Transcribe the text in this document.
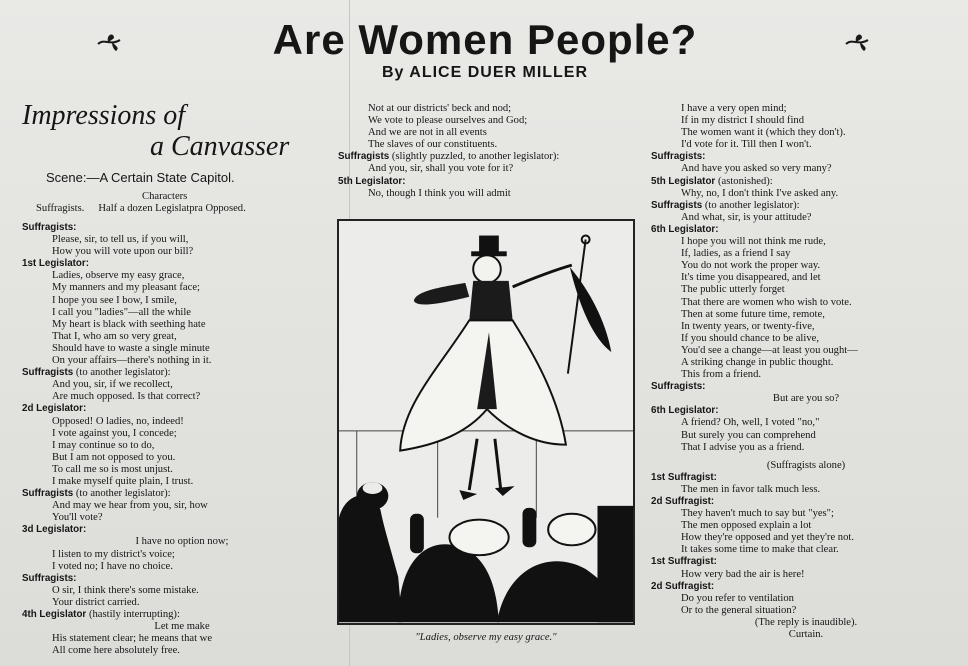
Are Women People?
By ALICE DUER MILLER
Impressions of
a Canvasser
Scene:—A Certain State Capitol.
Characters
Suffragists. Half a dozen Legislatpra Opposed.
Suffragists:
Please, sir, to tell us, if you will,
How you will vote upon our bill?
1st Legislator:
Ladies, observe my easy grace,
My manners and my pleasant face;
I hope you see I bow, I smile,
I call you "ladies"—all the while
My heart is black with seething hate
That I, who am so very great,
Should have to waste a single minute
On your affairs—there's nothing in it.
Suffragists (to another legislator):
And you, sir, if we recollect,
Are much opposed. Is that correct?
2d Legislator:
Opposed! O ladies, no, indeed!
I vote against you, I concede;
I may continue so to do,
But I am not opposed to you.
To call me so is most unjust.
I make myself quite plain, I trust.
Suffragists (to another legislator):
And may we hear from you, sir, how
You'll vote?
3d Legislator:
I have no option now;
I listen to my district's voice;
I voted no; I have no choice.
Suffragists:
O sir, I think there's some mistake.
Your district carried.
4th Legislator (hastily interrupting):
Let me make
His statement clear; he means that we
All come here absolutely free.
Not at our districts' beck and nod;
We vote to please ourselves and God;
And we are not in all events
The slaves of our constituents.
Suffragists (slightly puzzled, to another legislator):
And you, sir, shall you vote for it?
5th Legislator:
No, though I think you will admit
I have a very open mind;
If in my district I should find
The women want it (which they don't).
I'd vote for it. Till then I won't.
Suffragists:
And have you asked so very many?
5th Legislator (astonished):
Why, no, I don't think I've asked any.
Suffragists (to another legislator):
And what, sir, is your attitude?
6th Legislator:
I hope you will not think me rude,
If, ladies, as a friend I say
You do not work the proper way.
It's time you disappeared, and let
The public utterly forget
That there are women who wish to vote.
Then at some future time, remote,
In twenty years, or twenty-five,
If you should chance to be alive,
You'd see a change—at least you ought—
A striking change in public thought.
This from a friend.
Suffragists:
But are you so?
6th Legislator:
A friend? Oh, well, I voted "no,"
But surely you can comprehend
That I advise you as a friend.
(Suffragists alone)
1st Suffragist:
The men in favor talk much less.
2d Suffragist:
They haven't much to say but "yes";
The men opposed explain a lot
How they're opposed and yet they're not.
It takes some time to make that clear.
1st Suffragist:
How very bad the air is here!
2d Suffragist:
Do you refer to ventilation
Or to the general situation?
(The reply is inaudible).
Curtain.
"Ladies, observe my easy grace."
